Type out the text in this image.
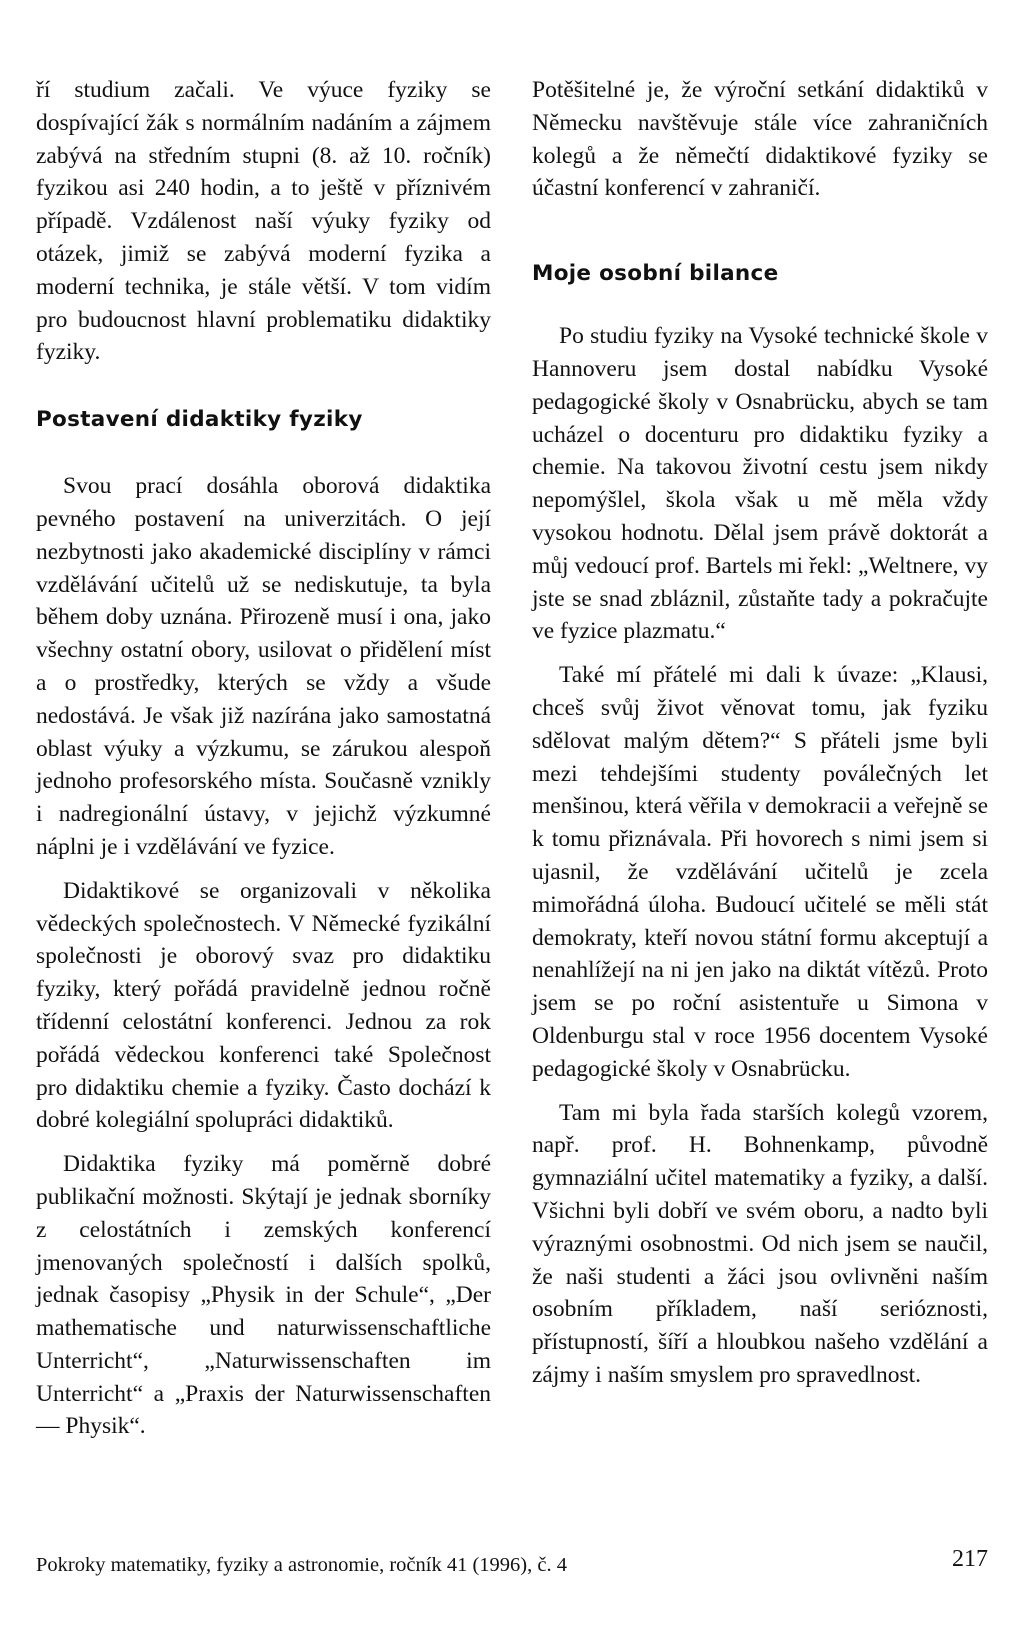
ří studium začali. Ve výuce fyziky se dospívající žák s normálním nadáním a zájmem zabývá na středním stupni (8. až 10. ročník) fyzikou asi 240 hodin, a to ještě v příznivém případě. Vzdálenost naší výuky fyziky od otázek, jimiž se zabývá moderní fyzika a moderní technika, je stále větší. V tom vidím pro budoucnost hlavní problematiku didaktiky fyziky.

Postavení didaktiky fyziky

Svou prací dosáhla oborová didaktika pevného postavení na univerzitách. O její nezbytnosti jako akademické disciplíny v rámci vzdělávání učitelů už se nediskutuje, ta byla během doby uznána. Přirozeně musí i ona, jako všechny ostatní obory, usilovat o přidělení míst a o prostředky, kterých se vždy a všude nedostává. Je však již nazírána jako samostatná oblast výuky a výzkumu, se zárukou alespoň jednoho profesorského místa. Současně vznikly i nadregionální ústavy, v jejichž výzkumné náplni je i vzdělávání ve fyzice.

Didaktikové se organizovali v několika vědeckých společnostech. V Německé fyzikální společnosti je oborový svaz pro didaktiku fyziky, který pořádá pravidelně jednou ročně třídenní celostátní konferenci. Jednou za rok pořádá vědeckou konferenci také Společnost pro didaktiku chemie a fyziky. Často dochází k dobré kolegiální spolupráci didaktiků.

Didaktika fyziky má poměrně dobré publikační možnosti. Skýtají je jednak sborníky z celostátních i zemských konferencí jmenovaných společností i dalších spolků, jednak časopisy „Physik in der Schule“, „Der mathematische und naturwissenschaftliche Unterricht“, „Naturwissenschaften im Unterricht“ a „Praxis der Naturwissenschaften — Physik“.

Potěšitelné je, že výroční setkání didaktiků v Německu navštěvuje stále více zahraničních kolegů a že němečtí didaktikové fyziky se účastní konferencí v zahraničí.

Moje osobní bilance

Po studiu fyziky na Vysoké technické škole v Hannoveru jsem dostal nabídku Vysoké pedagogické školy v Osnabrücku, abych se tam ucházel o docenturu pro didaktiku fyziky a chemie. Na takovou životní cestu jsem nikdy nepomýšlel, škola však u mě měla vždy vysokou hodnotu. Dělal jsem právě doktorát a můj vedoucí prof. Bartels mi řekl: „Weltnere, vy jste se snad zbláznil, zůstaňte tady a pokračujte ve fyzice plazmatu.“

Také mí přátelé mi dali k úvaze: „Klausi, chceš svůj život věnovat tomu, jak fyziku sdělovat malým dětem?“ S přáteli jsme byli mezi tehdejšími studenty poválečných let menšinou, která věřila v demokracii a veřejně se k tomu přiznávala. Při hovorech s nimi jsem si ujasnil, že vzdělávání učitelů je zcela mimořádná úloha. Budoucí učitelé se měli stát demokraty, kteří novou státní formu akceptují a nenahlížejí na ni jen jako na diktát vítězů. Proto jsem se po roční asistentuře u Simona v Oldenburgu stal v roce 1956 docentem Vysoké pedagogické školy v Osnabrücku.

Tam mi byla řada starších kolegů vzorem, např. prof. H. Bohnenkamp, původně gymnaziální učitel matematiky a fyziky, a další. Všichni byli dobří ve svém oboru, a nadto byli výraznými osobnostmi. Od nich jsem se naučil, že naši studenti a žáci jsou ovlivněni naším osobním příkladem, naší serióznosti, přístupností, šíří a hloubkou našeho vzdělání a zájmy i naším smyslem pro spravedlnost.

Pokroky matematiky, fyziky a astronomie, ročník 41 (1996), č. 4	217
